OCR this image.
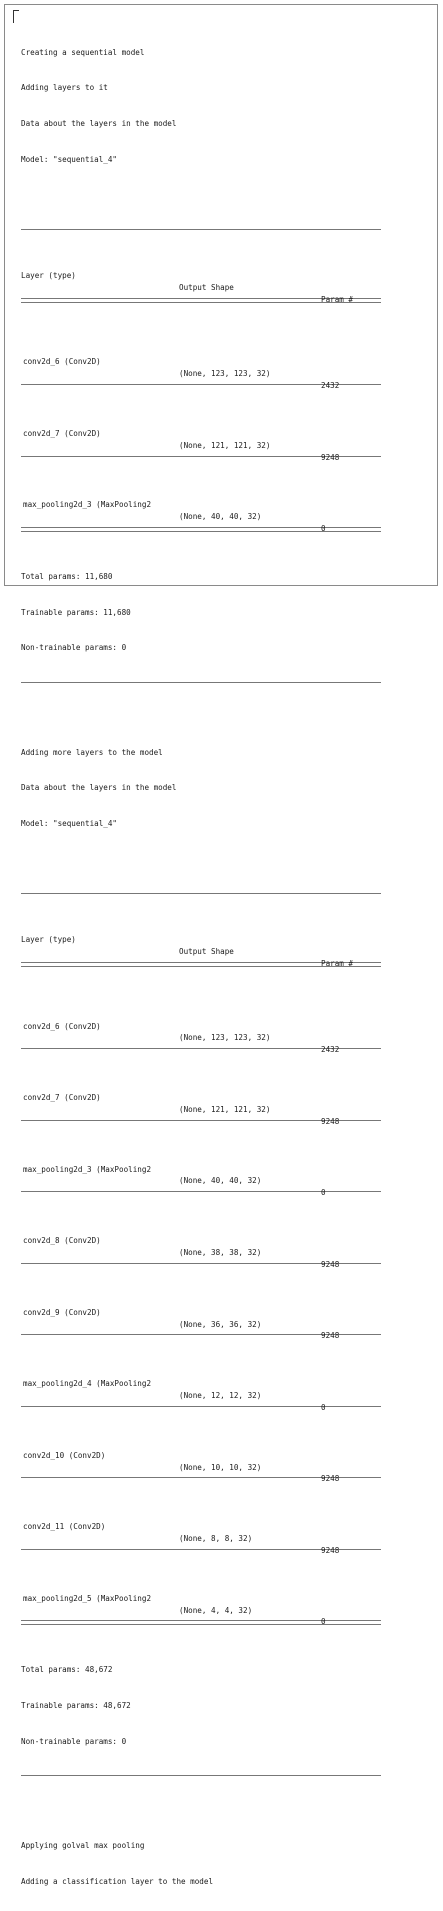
Creating a sequential model

Adding layers to it

Data about the layers in the model

Model: "sequential_4"

Layer (type)

Output Shape

Param #

conv2d_6 (Conv2D)

(None, 123, 123, 32)

2432

conv2d_7 (Conv2D)

(None, 121, 121, 32)

9248

max_pooling2d_3 (MaxPooling2

(None, 40, 40, 32)

0

Total params: 11,680

Trainable params: 11,680

Non-trainable params: 0

Adding more layers to the model

Data about the layers in the model

Model: "sequential_4"

Layer (type)

Output Shape

Param #

conv2d_6 (Conv2D)

(None, 123, 123, 32)

2432

conv2d_7 (Conv2D)

(None, 121, 121, 32)

9248

max_pooling2d_3 (MaxPooling2

(None, 40, 40, 32)

0

conv2d_8 (Conv2D)

(None, 38, 38, 32)

9248

conv2d_9 (Conv2D)

(None, 36, 36, 32)

9248

max_pooling2d_4 (MaxPooling2

(None, 12, 12, 32)

0

conv2d_10 (Conv2D)

(None, 10, 10, 32)

9248

conv2d_11 (Conv2D)

(None, 8, 8, 32)

9248

max_pooling2d_5 (MaxPooling2

(None, 4, 4, 32)

0

Total params: 48,672

Trainable params: 48,672

Non-trainable params: 0

Applying golval max pooling

Adding a classification layer to the model
